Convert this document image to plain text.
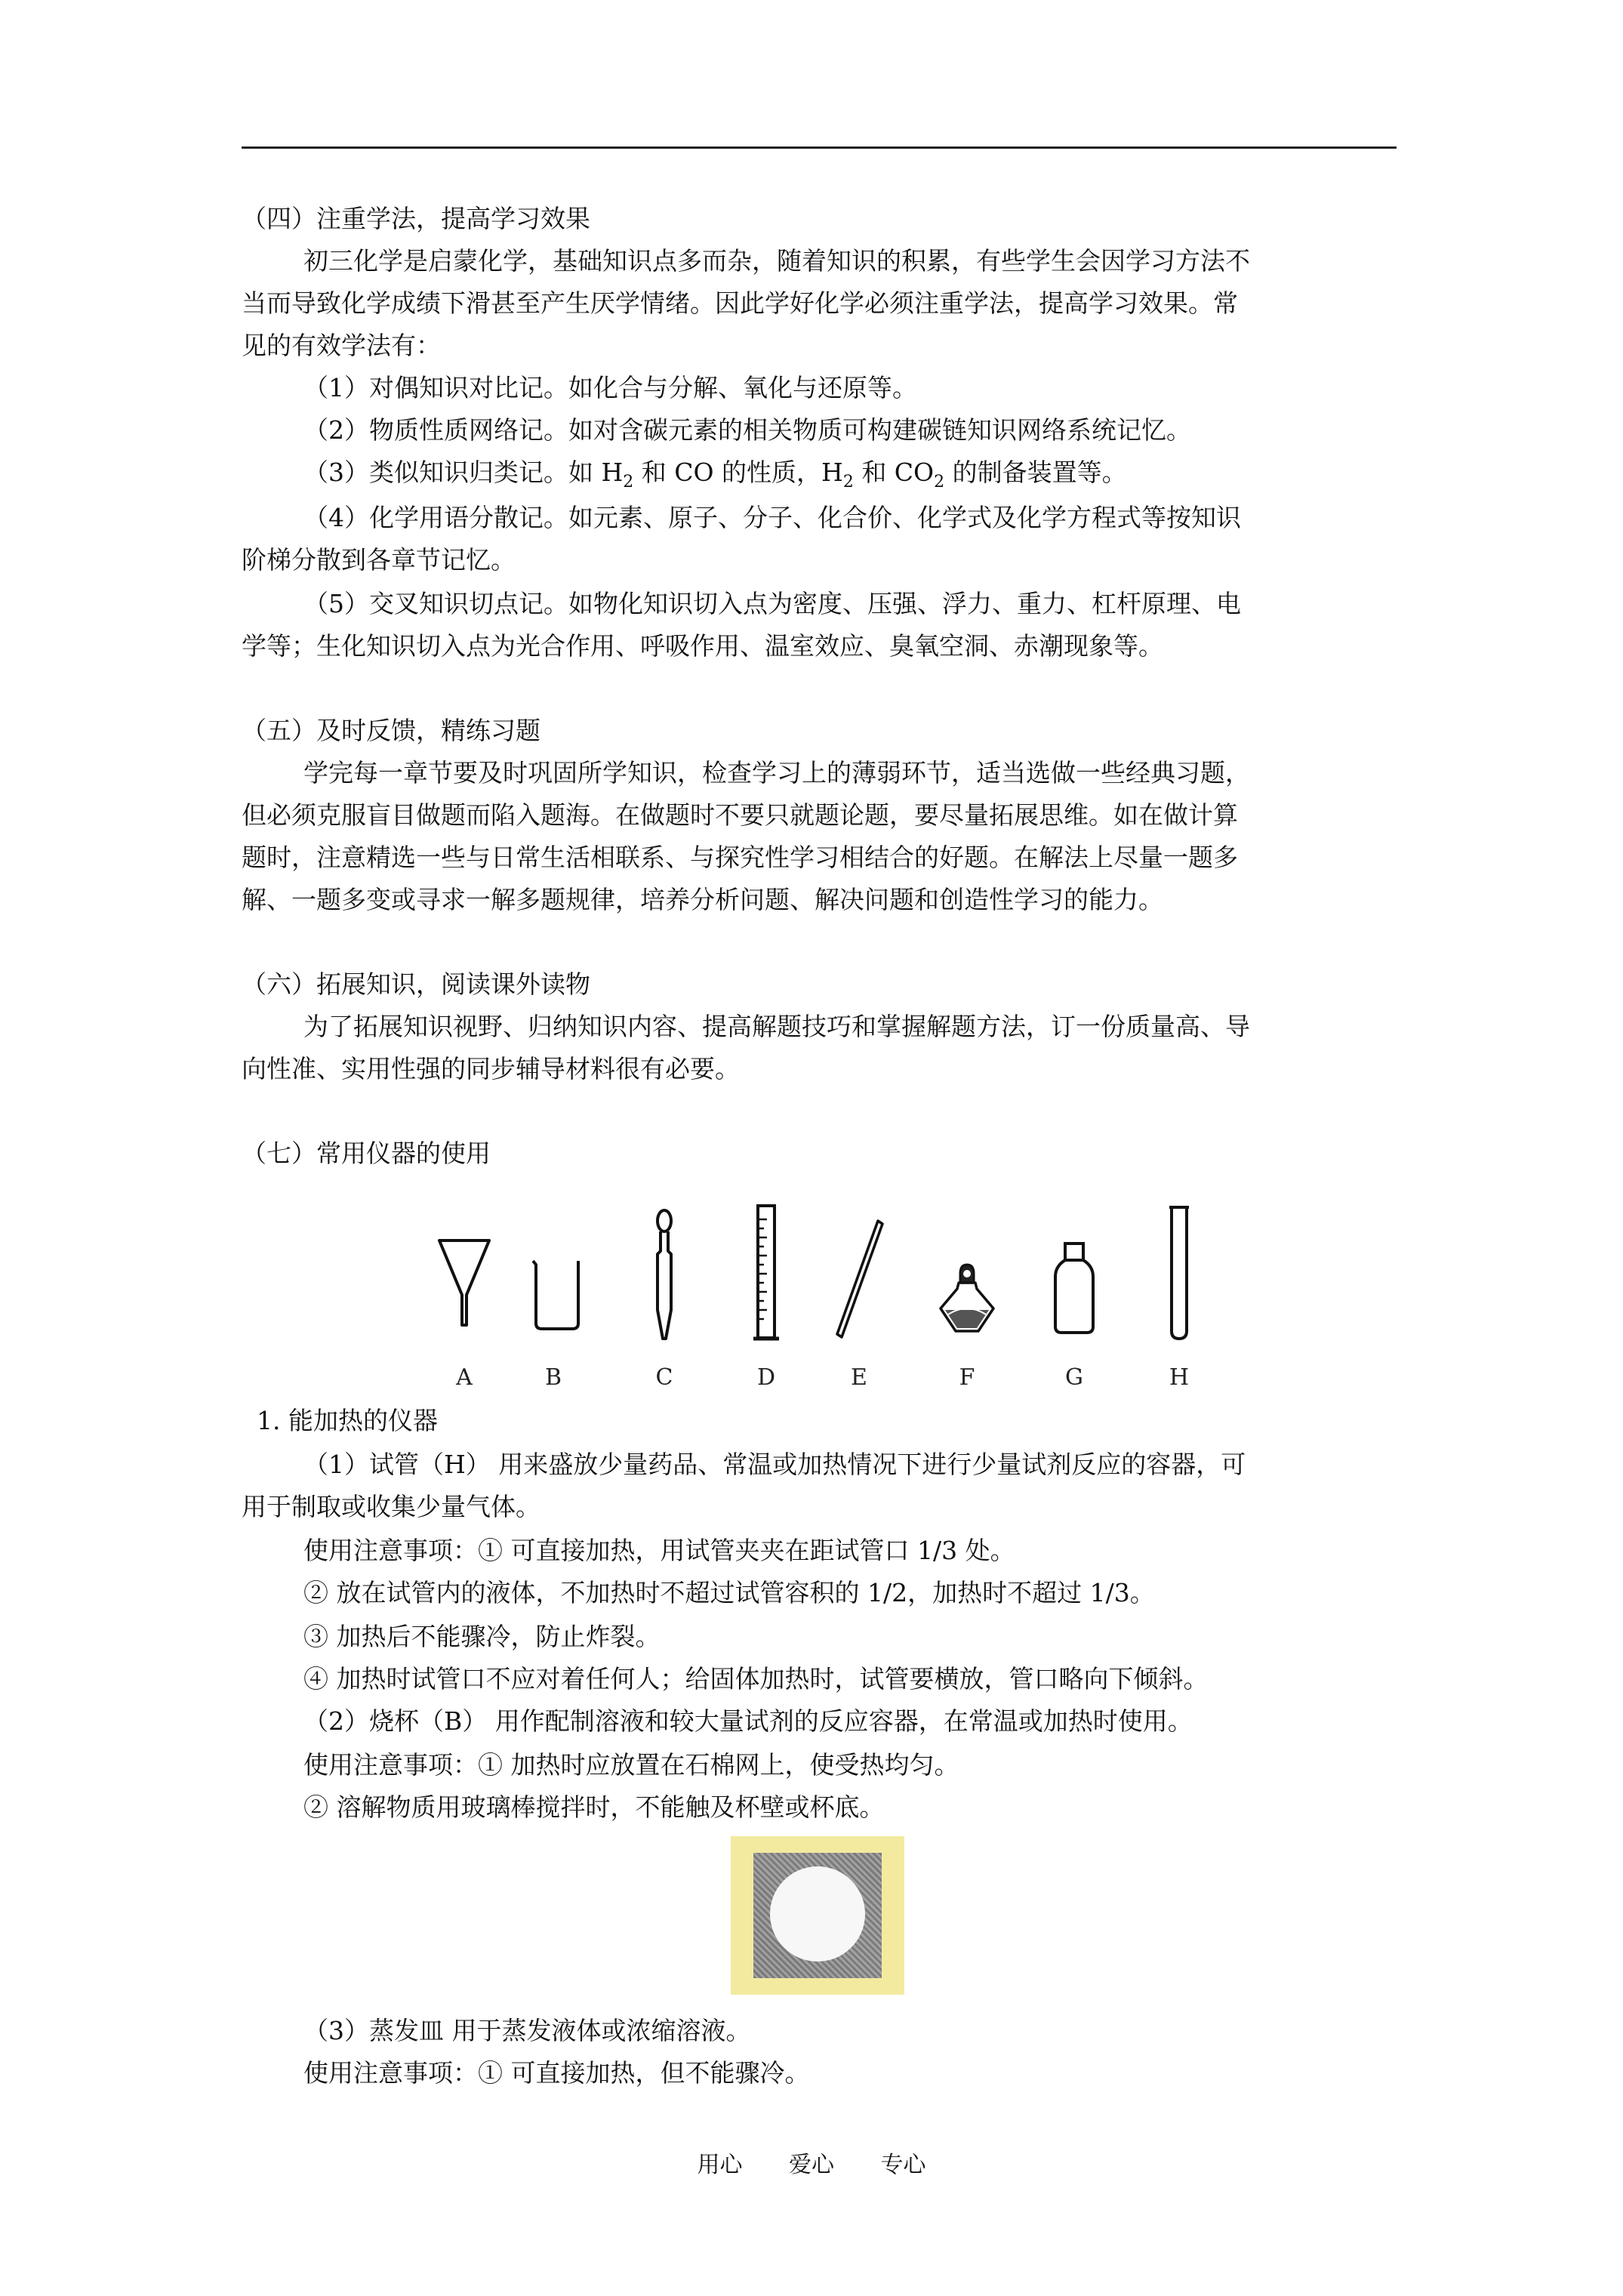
（四）注重学法，提高学习效果
初三化学是启蒙化学，基础知识点多而杂，随着知识的积累，有些学生会因学习方法不
当而导致化学成绩下滑甚至产生厌学情绪。因此学好化学必须注重学法，提高学习效果。常
见的有效学法有：
（1）对偶知识对比记。如化合与分解、氧化与还原等。
（2）物质性质网络记。如对含碳元素的相关物质可构建碳链知识网络系统记忆。
（3）类似知识归类记。如 $H_2$ 和 CO 的性质，$H_2$ 和 $CO_2$ 的制备装置等。
（4）化学用语分散记。如元素、原子、分子、化合价、化学式及化学方程式等按知识
阶梯分散到各章节记忆。
（5）交叉知识切点记。如物化知识切入点为密度、压强、浮力、重力、杠杆原理、电
学等；生化知识切入点为光合作用、呼吸作用、温室效应、臭氧空洞、赤潮现象等。
（五）及时反馈，精练习题
学完每一章节要及时巩固所学知识，检查学习上的薄弱环节，适当选做一些经典习题，
但必须克服盲目做题而陷入题海。在做题时不要只就题论题，要尽量拓展思维。如在做计算
题时，注意精选一些与日常生活相联系、与探究性学习相结合的好题。在解法上尽量一题多
解、一题多变或寻求一解多题规律，培养分析问题、解决问题和创造性学习的能力。
（六）拓展知识，阅读课外读物
为了拓展知识视野、归纳知识内容、提高解题技巧和掌握解题方法，订一份质量高、导
向性准、实用性强的同步辅导材料很有必要。
（七）常用仪器的使用
A	B	C	D	E	F	G	H
1. 能加热的仪器
（1）试管（H） 用来盛放少量药品、常温或加热情况下进行少量试剂反应的容器，可
用于制取或收集少量气体。
使用注意事项：① 可直接加热，用试管夹夹在距试管口 1/3 处。
② 放在试管内的液体，不加热时不超过试管容积的 1/2，加热时不超过 1/3。
③ 加热后不能骤冷，防止炸裂。
④ 加热时试管口不应对着任何人；给固体加热时，试管要横放，管口略向下倾斜。
（2）烧杯（B） 用作配制溶液和较大量试剂的反应容器，在常温或加热时使用。
使用注意事项：① 加热时应放置在石棉网上，使受热均匀。
② 溶解物质用玻璃棒搅拌时，不能触及杯壁或杯底。
（3）蒸发皿 用于蒸发液体或浓缩溶液。
使用注意事项：① 可直接加热，但不能骤冷。
用心 爱心 专心
